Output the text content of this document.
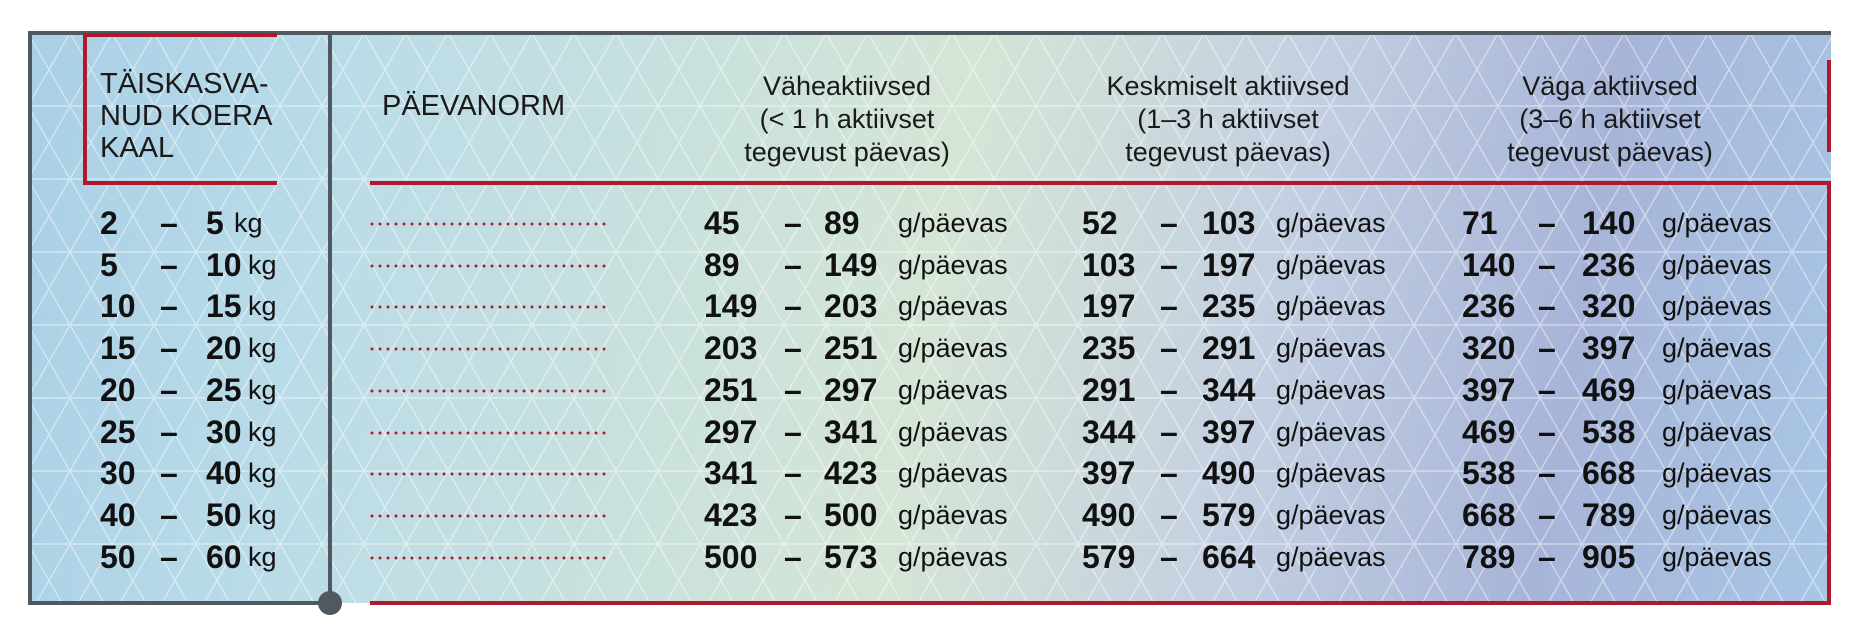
TÄISKASVA-
NUD KOERA
KAAL
PÄEVANORM
Väheaktiivsed
(< 1 h aktiivset
tegevust päevas)
Keskmiselt aktiivsed
(1–3 h aktiivset
tegevust päevas)
Väga aktiivsed
(3–6 h aktiivset
tegevust päevas)
2 – 5 kg	45 – 89 g/päevas 52 – 103 g/päevas 71 – 140 g/päevas
5 – 10 kg	89 – 149 g/päevas 103 – 197 g/päevas 140 – 236 g/päevas
10 – 15 kg	149 – 203 g/päevas 197 – 235 g/päevas 236 – 320 g/päevas
15 – 20 kg	203 – 251 g/päevas 235 – 291 g/päevas 320 – 397 g/päevas
20 – 25 kg	251 – 297 g/päevas 291 – 344 g/päevas 397 – 469 g/päevas
25 – 30 kg	297 – 341 g/päevas 344 – 397 g/päevas 469 – 538 g/päevas
30 – 40 kg	341 – 423 g/päevas 397 – 490 g/päevas 538 – 668 g/päevas
40 – 50 kg	423 – 500 g/päevas 490 – 579 g/päevas 668 – 789 g/päevas
50 – 60 kg	500 – 573 g/päevas 579 – 664 g/päevas 789 – 905 g/päevas
